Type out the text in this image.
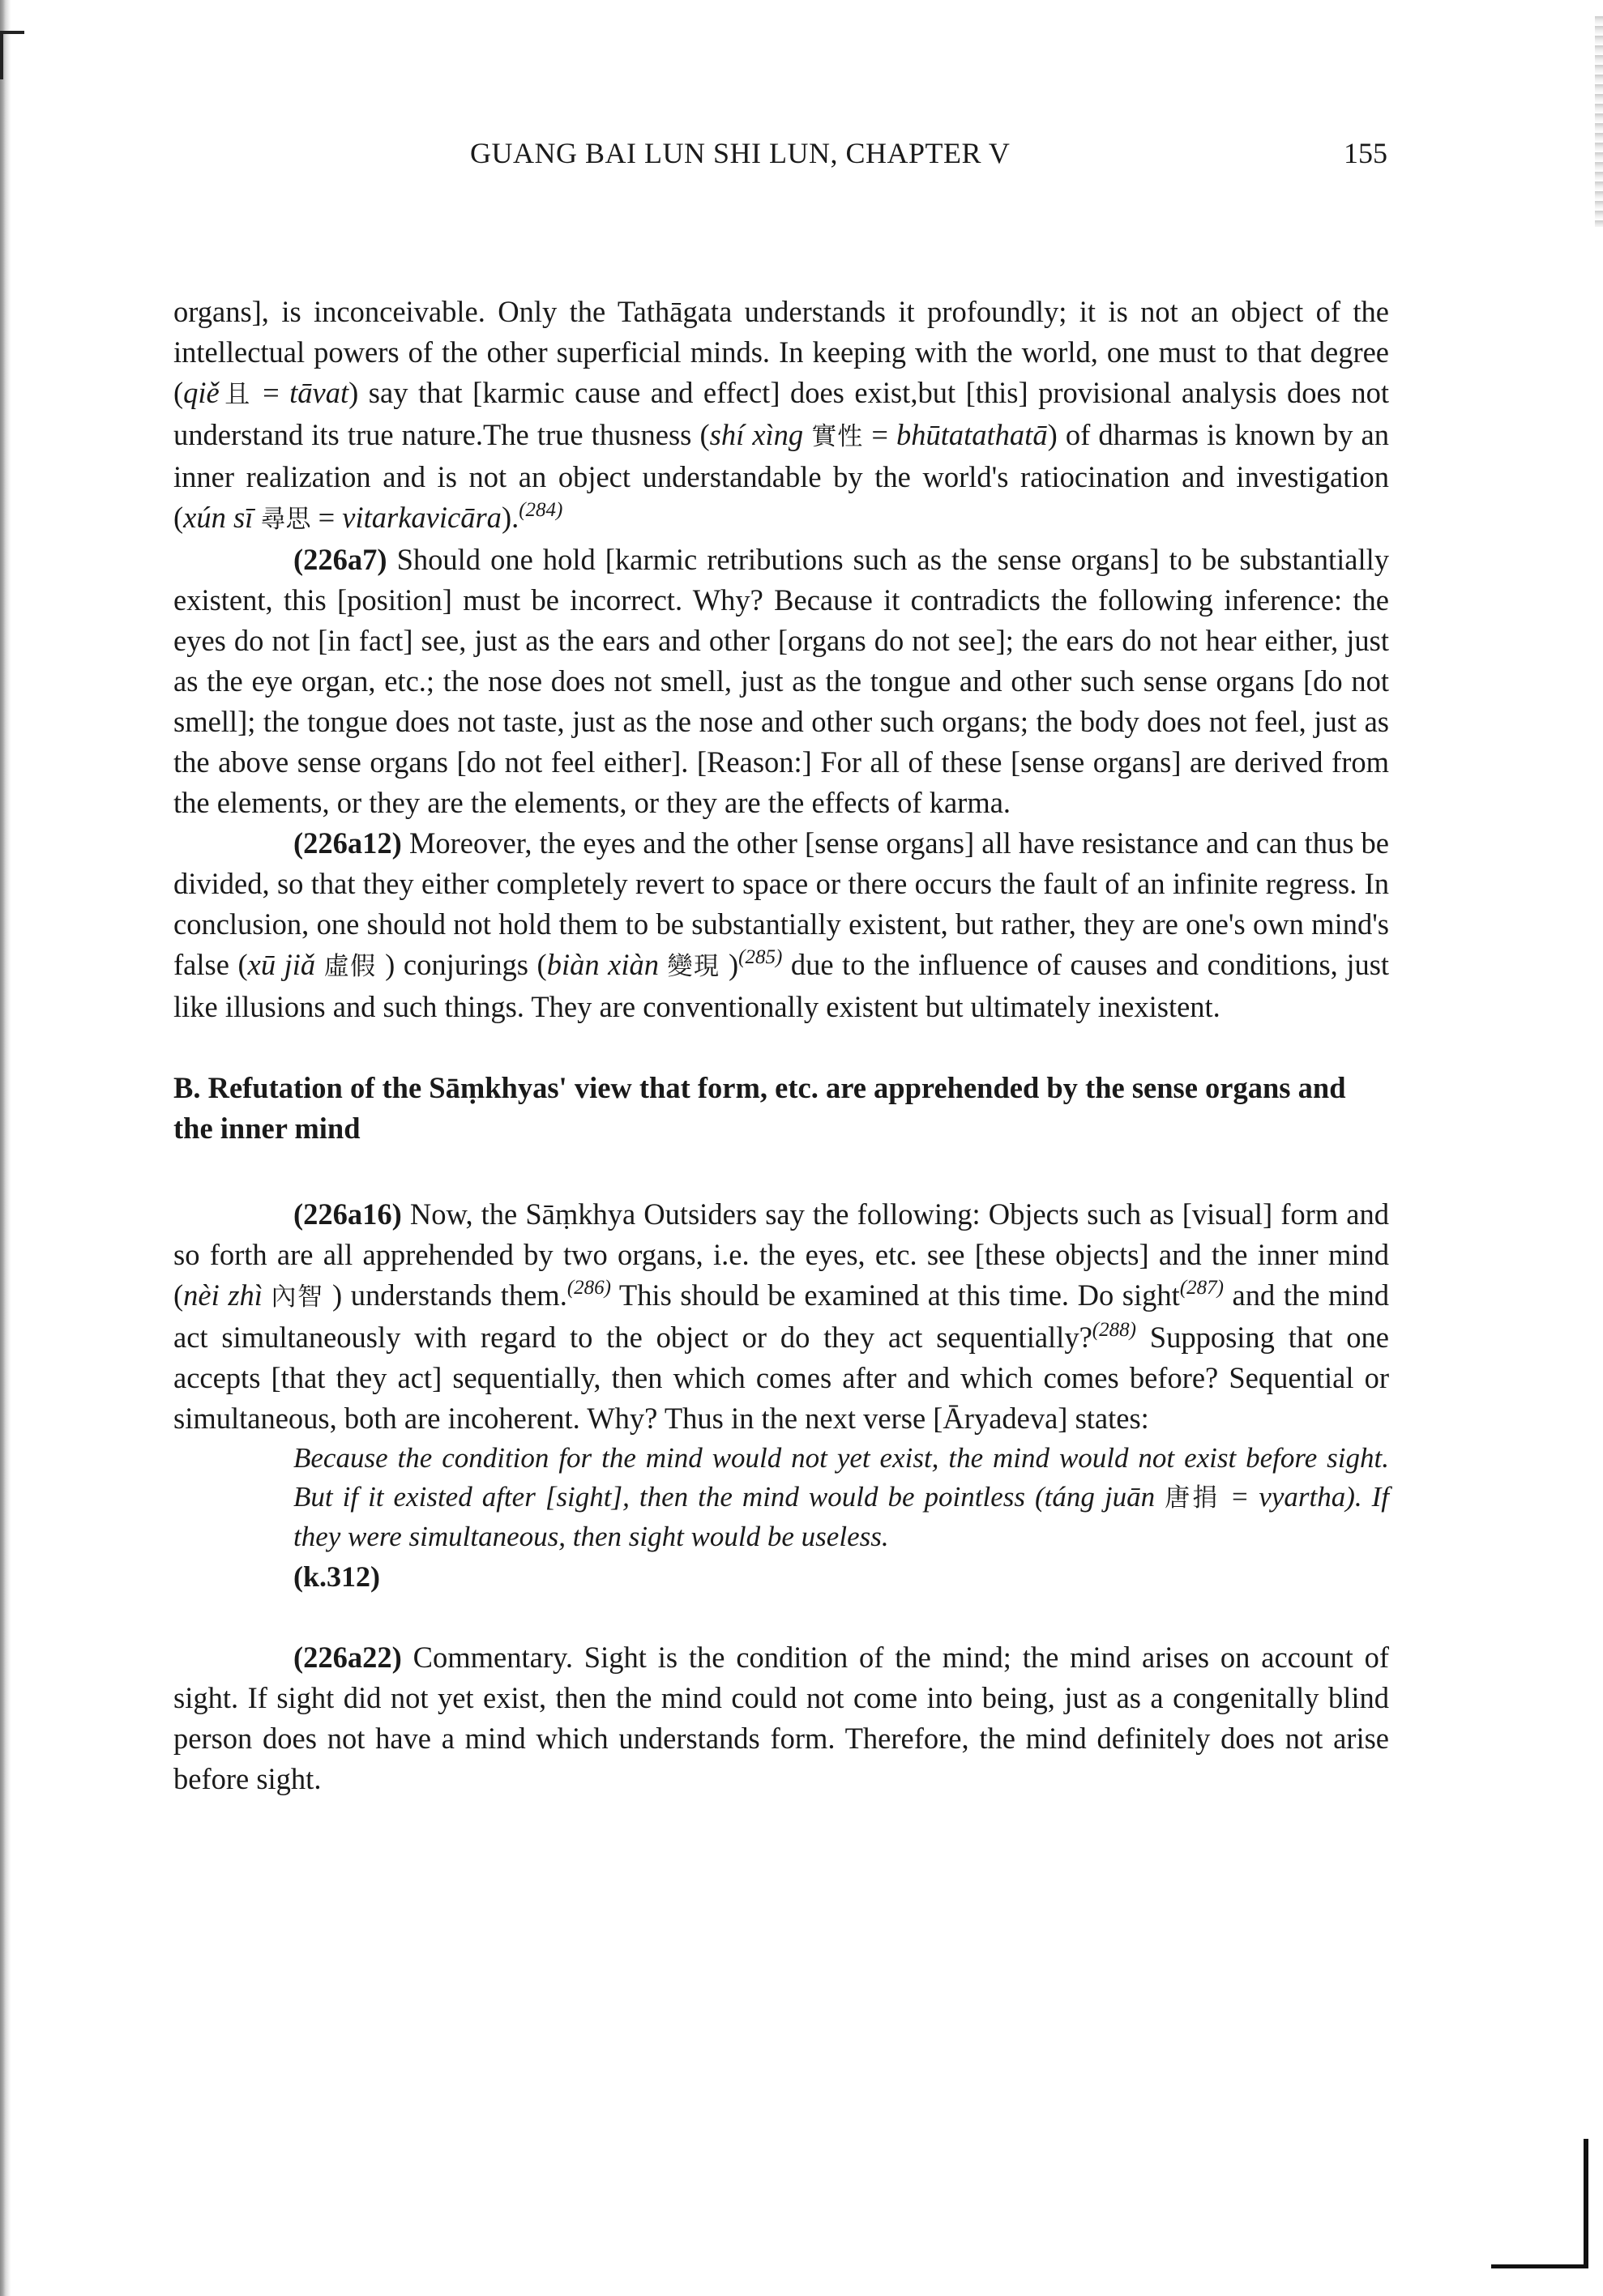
GUANG BAI LUN SHI LUN, CHAPTER V	155

organs], is inconceivable. Only the Tathāgata understands it profoundly; it is not an object of the intellectual powers of the other superficial minds. In keeping with the world, one must to that degree (qiě 且 = tāvat) say that [karmic cause and effect] does exist,but [this] provisional analysis does not understand its true nature.The true thusness (shí xìng 實性 = bhūtatathatā) of dharmas is known by an inner realization and is not an object understandable by the world's ratiocination and investigation (xún sī 尋思 = vitarkavicāra).$^{(284)}$

(226a7) Should one hold [karmic retributions such as the sense organs] to be substantially existent, this [position] must be incorrect. Why? Because it contradicts the following inference: the eyes do not [in fact] see, just as the ears and other [organs do not see]; the ears do not hear either, just as the eye organ, etc.; the nose does not smell, just as the tongue and other such sense organs [do not smell]; the tongue does not taste, just as the nose and other such organs; the body does not feel, just as the above sense organs [do not feel either]. [Reason:] For all of these [sense organs] are derived from the elements, or they are the elements, or they are the effects of karma.

(226a12) Moreover, the eyes and the other [sense organs] all have resistance and can thus be divided, so that they either completely revert to space or there occurs the fault of an infinite regress. In conclusion, one should not hold them to be substantially existent, but rather, they are one's own mind's false (xū jiǎ 虛假 ) conjurings (biàn xiàn 變現 )$^{(285)}$ due to the influence of causes and conditions, just like illusions and such things. They are conventionally existent but ultimately inexistent.

B. Refutation of the Sāṃkhyas' view that form, etc. are apprehended by the sense organs and the inner mind

(226a16) Now, the Sāṃkhya Outsiders say the following: Objects such as [visual] form and so forth are all apprehended by two organs, i.e. the eyes, etc. see [these objects] and the inner mind (nèi zhì 內智 ) understands them.$^{(286)}$ This should be examined at this time. Do sight$^{(287)}$ and the mind act simultaneously with regard to the object or do they act sequentially?$^{(288)}$ Supposing that one accepts [that they act] sequentially, then which comes after and which comes before? Sequential or simultaneous, both are incoherent. Why? Thus in the next verse [Āryadeva] states:

Because the condition for the mind would not yet exist, the mind would not exist before sight. But if it existed after [sight], then the mind would be pointless (táng juān 唐捐 = vyartha). If they were simultaneous, then sight would be useless.
(k.312)

(226a22) Commentary. Sight is the condition of the mind; the mind arises on account of sight. If sight did not yet exist, then the mind could not come into being, just as a congenitally blind person does not have a mind which understands form. Therefore, the mind definitely does not arise before sight.
